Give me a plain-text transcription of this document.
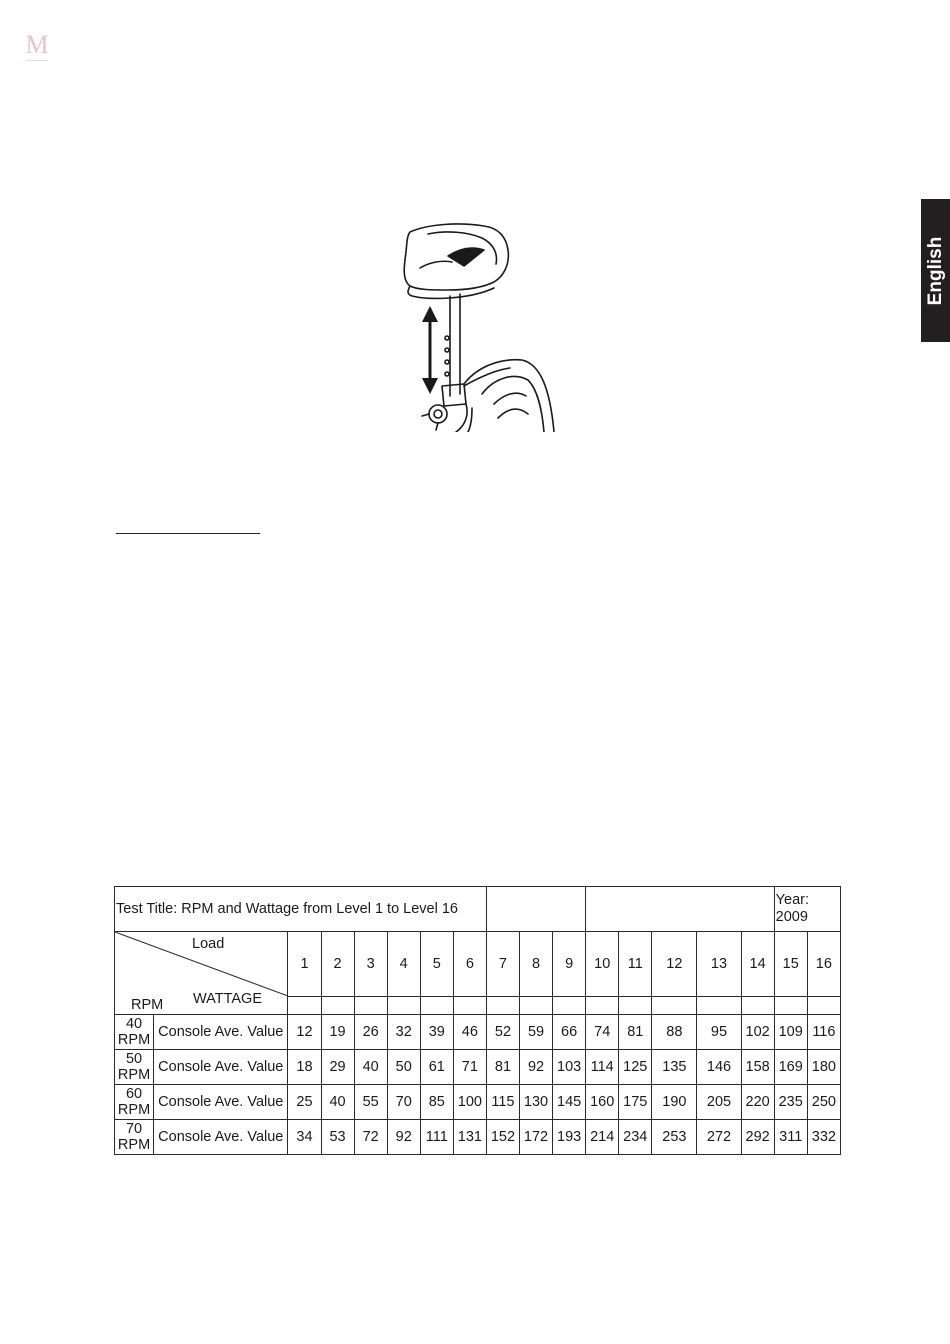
M
English
Test Title: RPM and Wattage from Level 1 to Level 16																Year:
2009	

Load
WATTAGE
RPM		1	2	3	4	5	6	7	8	9	10	11	12	13	14	15	16

40
RPM	Console Ave. Value	12	19	26	32	39	46	52	59	66	74	81	88	95	102	109	116

50
RPM	Console Ave. Value	18	29	40	50	61	71	81	92	103	114	125	135	146	158	169	180

60
RPM	Console Ave. Value	25	40	55	70	85	100	115	130	145	160	175	190	205	220	235	250

70
RPM	Console Ave. Value	34	53	72	92	111	131	152	172	193	214	234	253	272	292	311	332
